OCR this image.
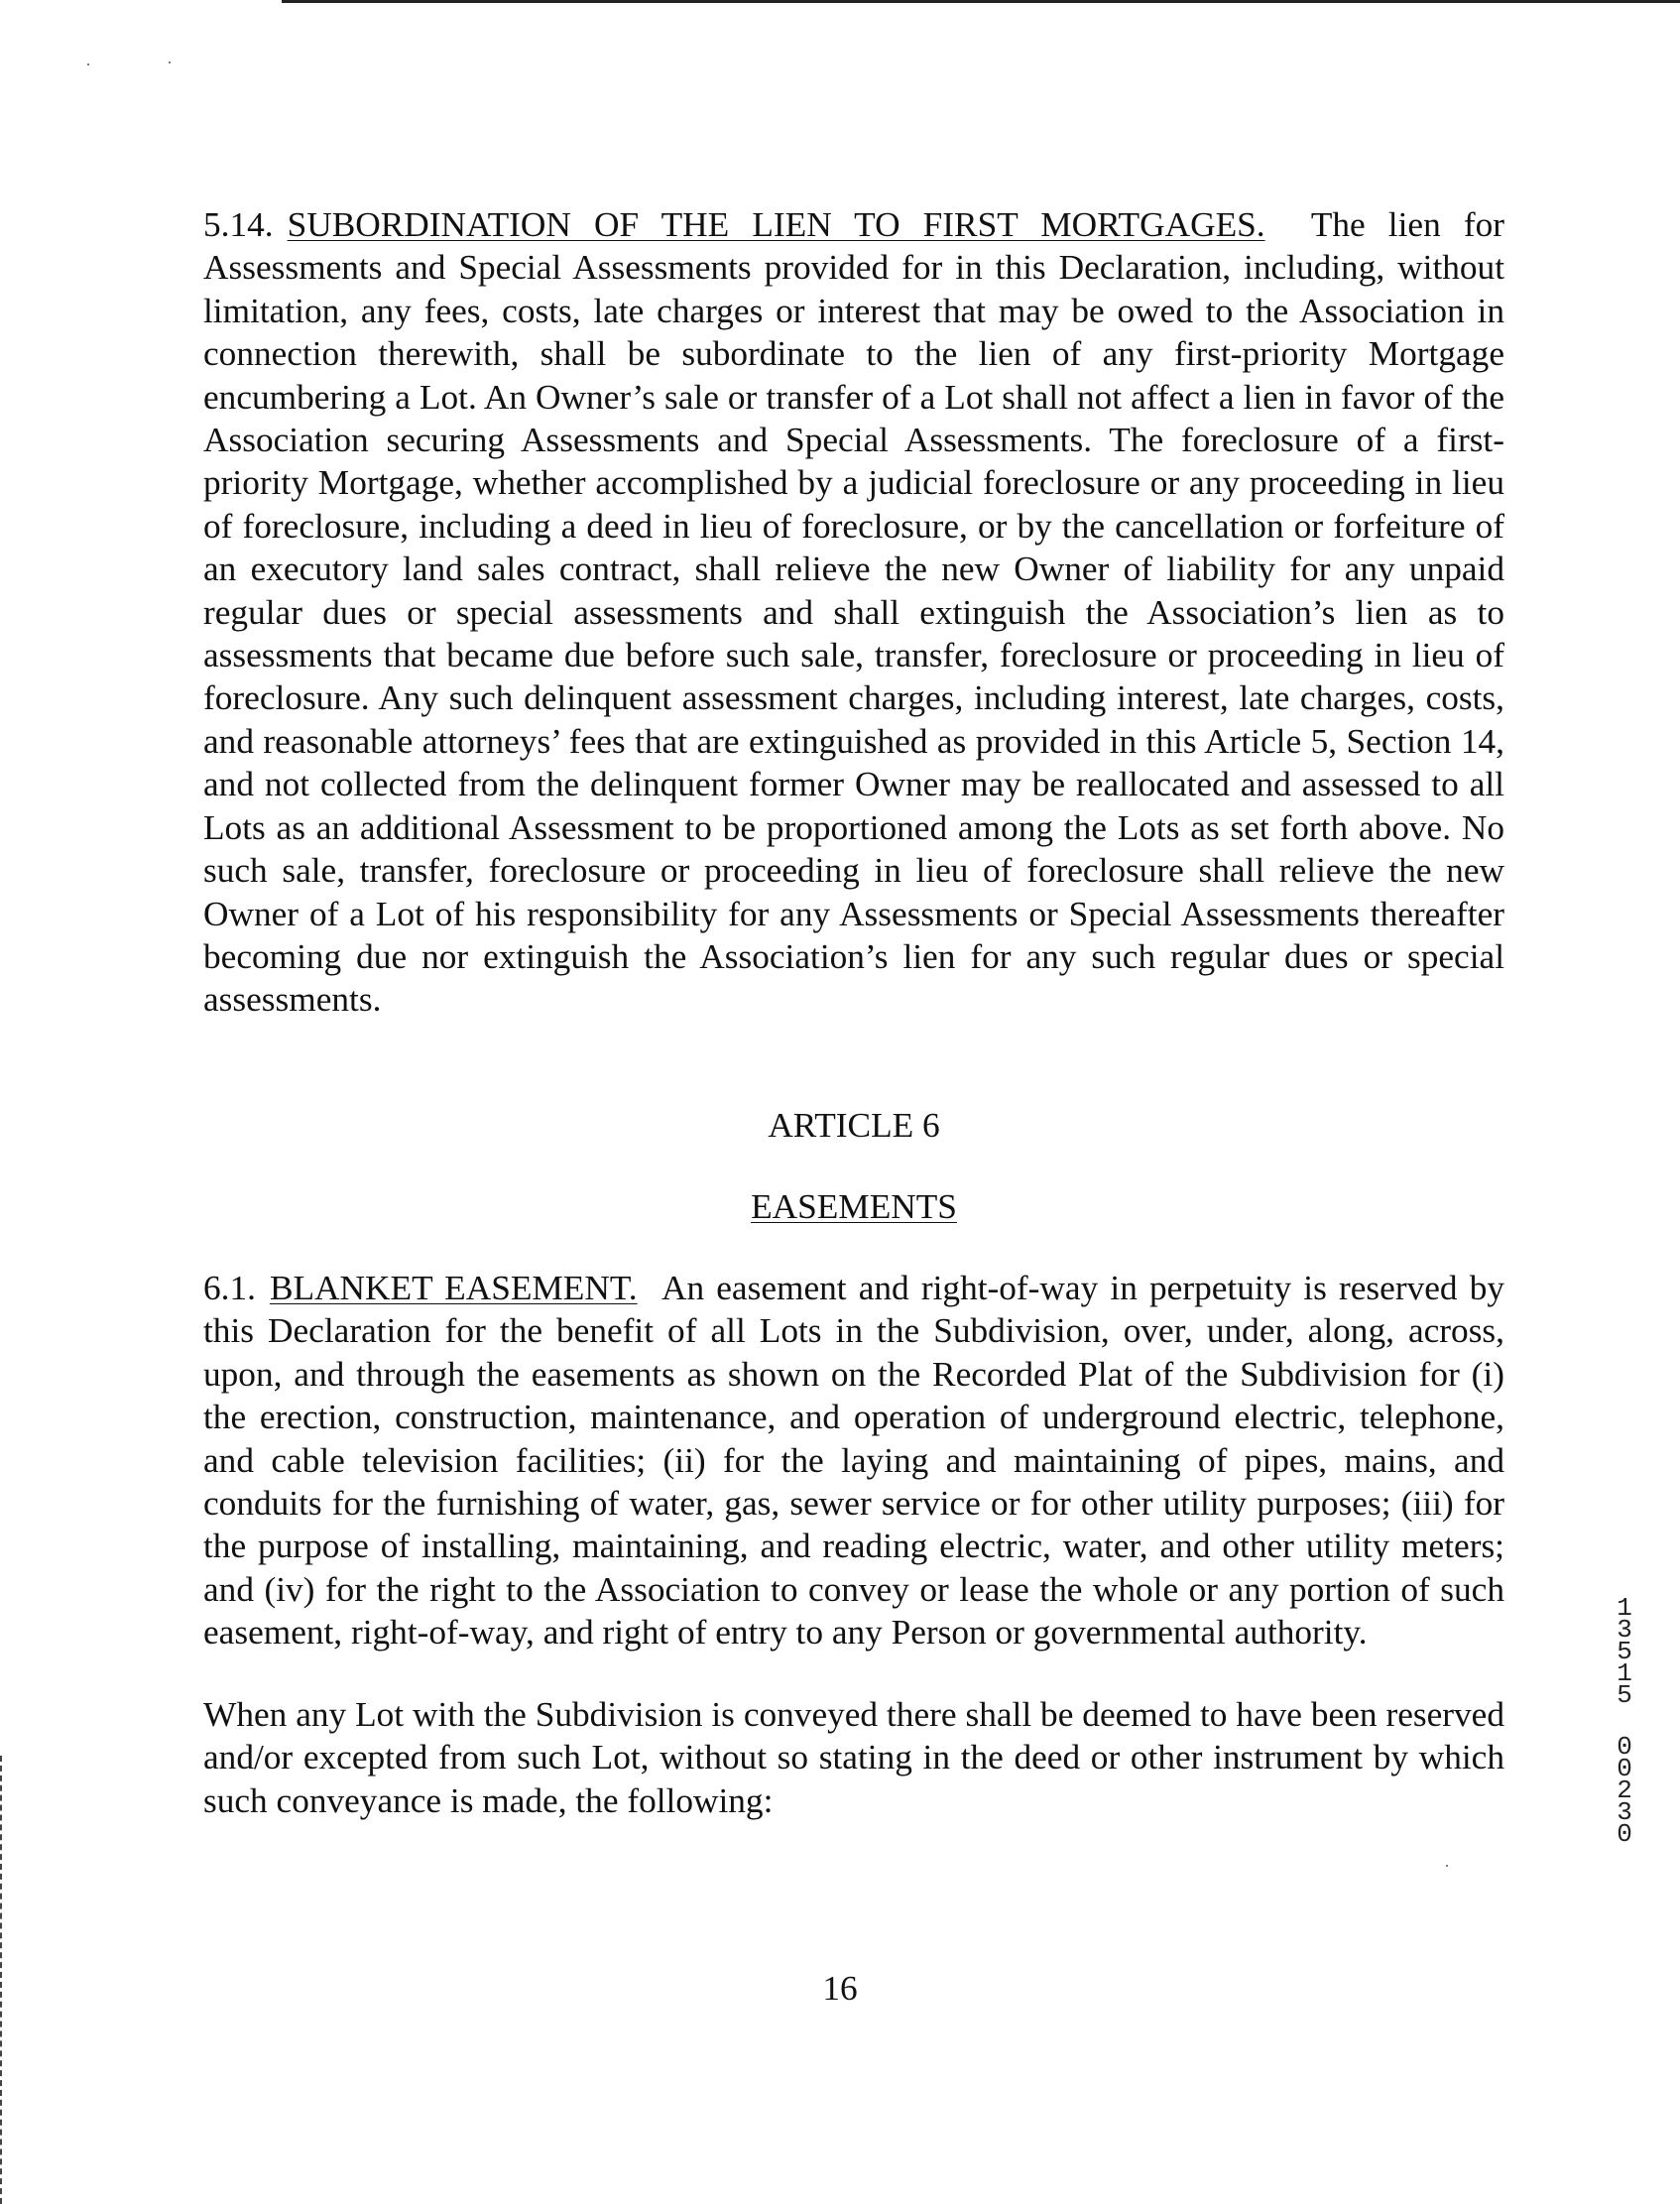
5.14. SUBORDINATION OF THE LIEN TO FIRST MORTGAGES. The lien for Assessments and Special Assessments provided for in this Declaration, including, without limitation, any fees, costs, late charges or interest that may be owed to the Association in connection therewith, shall be subordinate to the lien of any first-priority Mortgage encumbering a Lot. An Owner’s sale or transfer of a Lot shall not affect a lien in favor of the Association securing Assessments and Special Assessments. The foreclosure of a first-priority Mortgage, whether accomplished by a judicial foreclosure or any proceeding in lieu of foreclosure, including a deed in lieu of foreclosure, or by the cancellation or forfeiture of an executory land sales contract, shall relieve the new Owner of liability for any unpaid regular dues or special assessments and shall extinguish the Association’s lien as to assessments that became due before such sale, transfer, foreclosure or proceeding in lieu of foreclosure. Any such delinquent assessment charges, including interest, late charges, costs, and reasonable attorneys’ fees that are extinguished as provided in this Article 5, Section 14, and not collected from the delinquent former Owner may be reallocated and assessed to all Lots as an additional Assessment to be proportioned among the Lots as set forth above. No such sale, transfer, foreclosure or proceeding in lieu of foreclosure shall relieve the new Owner of a Lot of his responsibility for any Assessments or Special Assessments thereafter becoming due nor extinguish the Association’s lien for any such regular dues or special assessments.

ARTICLE 6

EASEMENTS

6.1. BLANKET EASEMENT. An easement and right-of-way in perpetuity is reserved by this Declaration for the benefit of all Lots in the Subdivision, over, under, along, across, upon, and through the easements as shown on the Recorded Plat of the Subdivision for (i) the erection, construction, maintenance, and operation of underground electric, telephone, and cable television facilities; (ii) for the laying and maintaining of pipes, mains, and conduits for the furnishing of water, gas, sewer service or for other utility purposes; (iii) for the purpose of installing, maintaining, and reading electric, water, and other utility meters; and (iv) for the right to the Association to convey or lease the whole or any portion of such easement, right-of-way, and right of entry to any Person or governmental authority.

When any Lot with the Subdivision is conveyed there shall be deemed to have been reserved and/or excepted from such Lot, without so stating in the deed or other instrument by which such conveyance is made, the following:

16
13515
00230
